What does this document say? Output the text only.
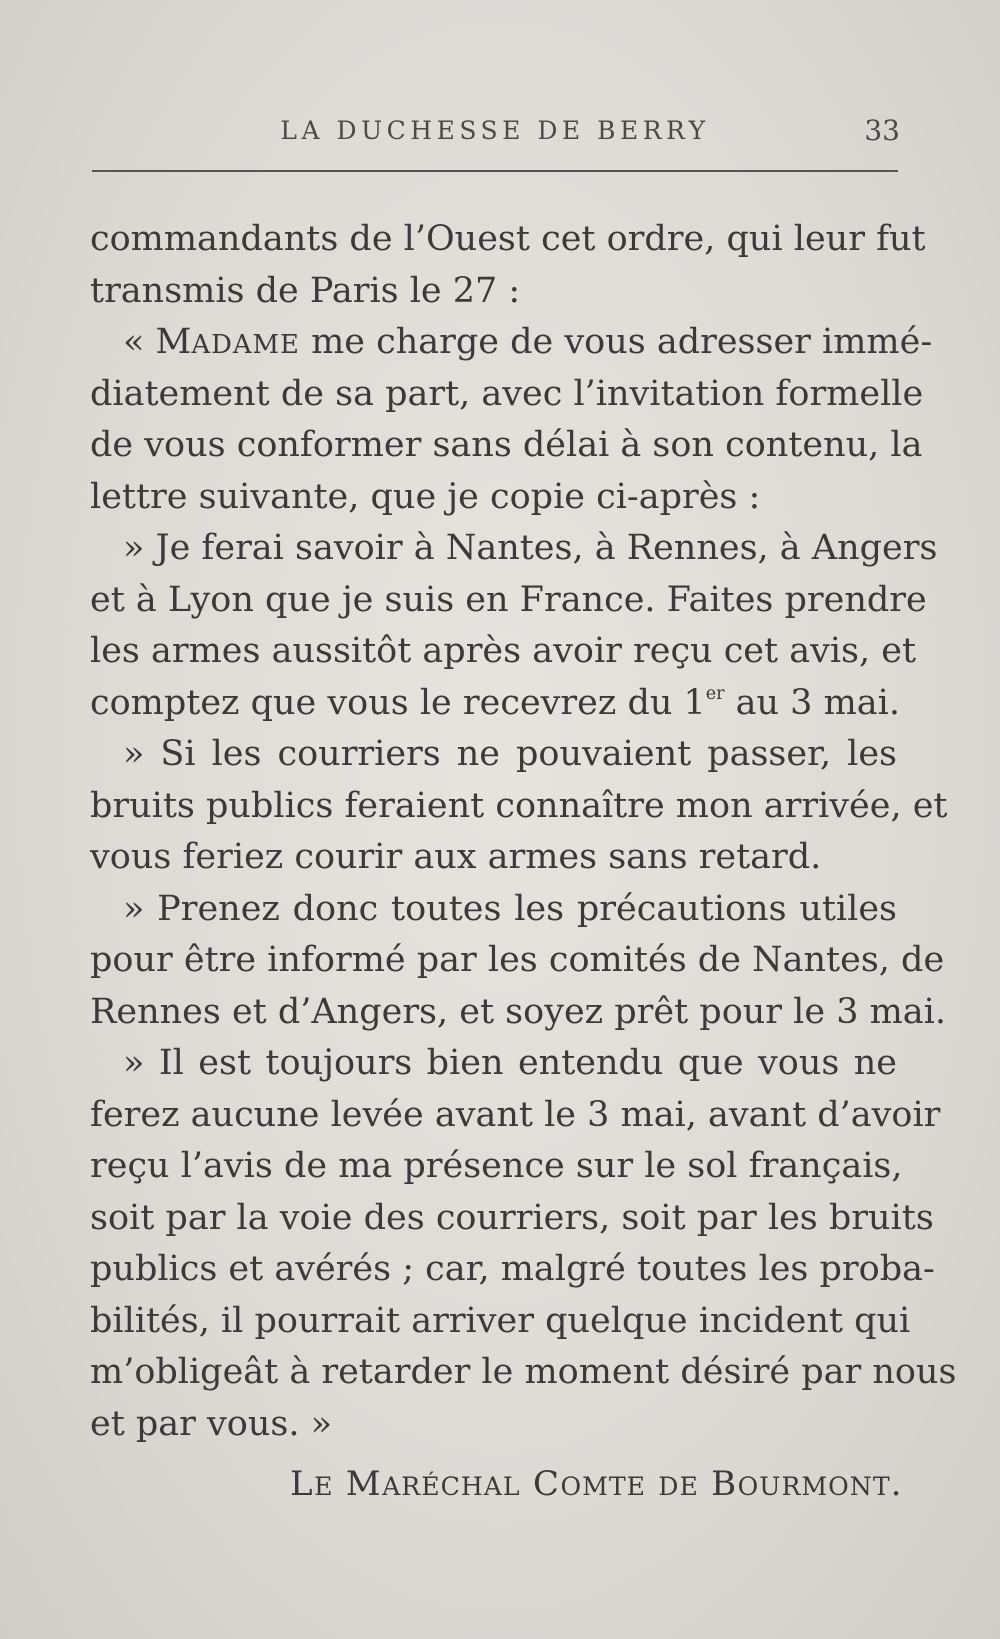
LA DUCHESSE DE BERRY	33
commandants de l’Ouest cet ordre, qui leur fut
transmis de Paris le 27 :
« MADAME me charge de vous adresser immé-
diatement de sa part, avec l’invitation formelle
de vous conformer sans délai à son contenu, la
lettre suivante, que je copie ci-après :
» Je ferai savoir à Nantes, à Rennes, à Angers
et à Lyon que je suis en France. Faites prendre
les armes aussitôt après avoir reçu cet avis, et
comptez que vous le recevrez du 1er au 3 mai.
» Si les courriers ne pouvaient passer, les
bruits publics feraient connaître mon arrivée, et
vous feriez courir aux armes sans retard.
» Prenez donc toutes les précautions utiles
pour être informé par les comités de Nantes, de
Rennes et d’Angers, et soyez prêt pour le 3 mai.
» Il est toujours bien entendu que vous ne
ferez aucune levée avant le 3 mai, avant d’avoir
reçu l’avis de ma présence sur le sol français,
soit par la voie des courriers, soit par les bruits
publics et avérés ; car, malgré toutes les proba-
bilités, il pourrait arriver quelque incident qui
m’obligeât à retarder le moment désiré par nous
et par vous. »
LE MARÉCHAL COMTE DE BOURMONT.
